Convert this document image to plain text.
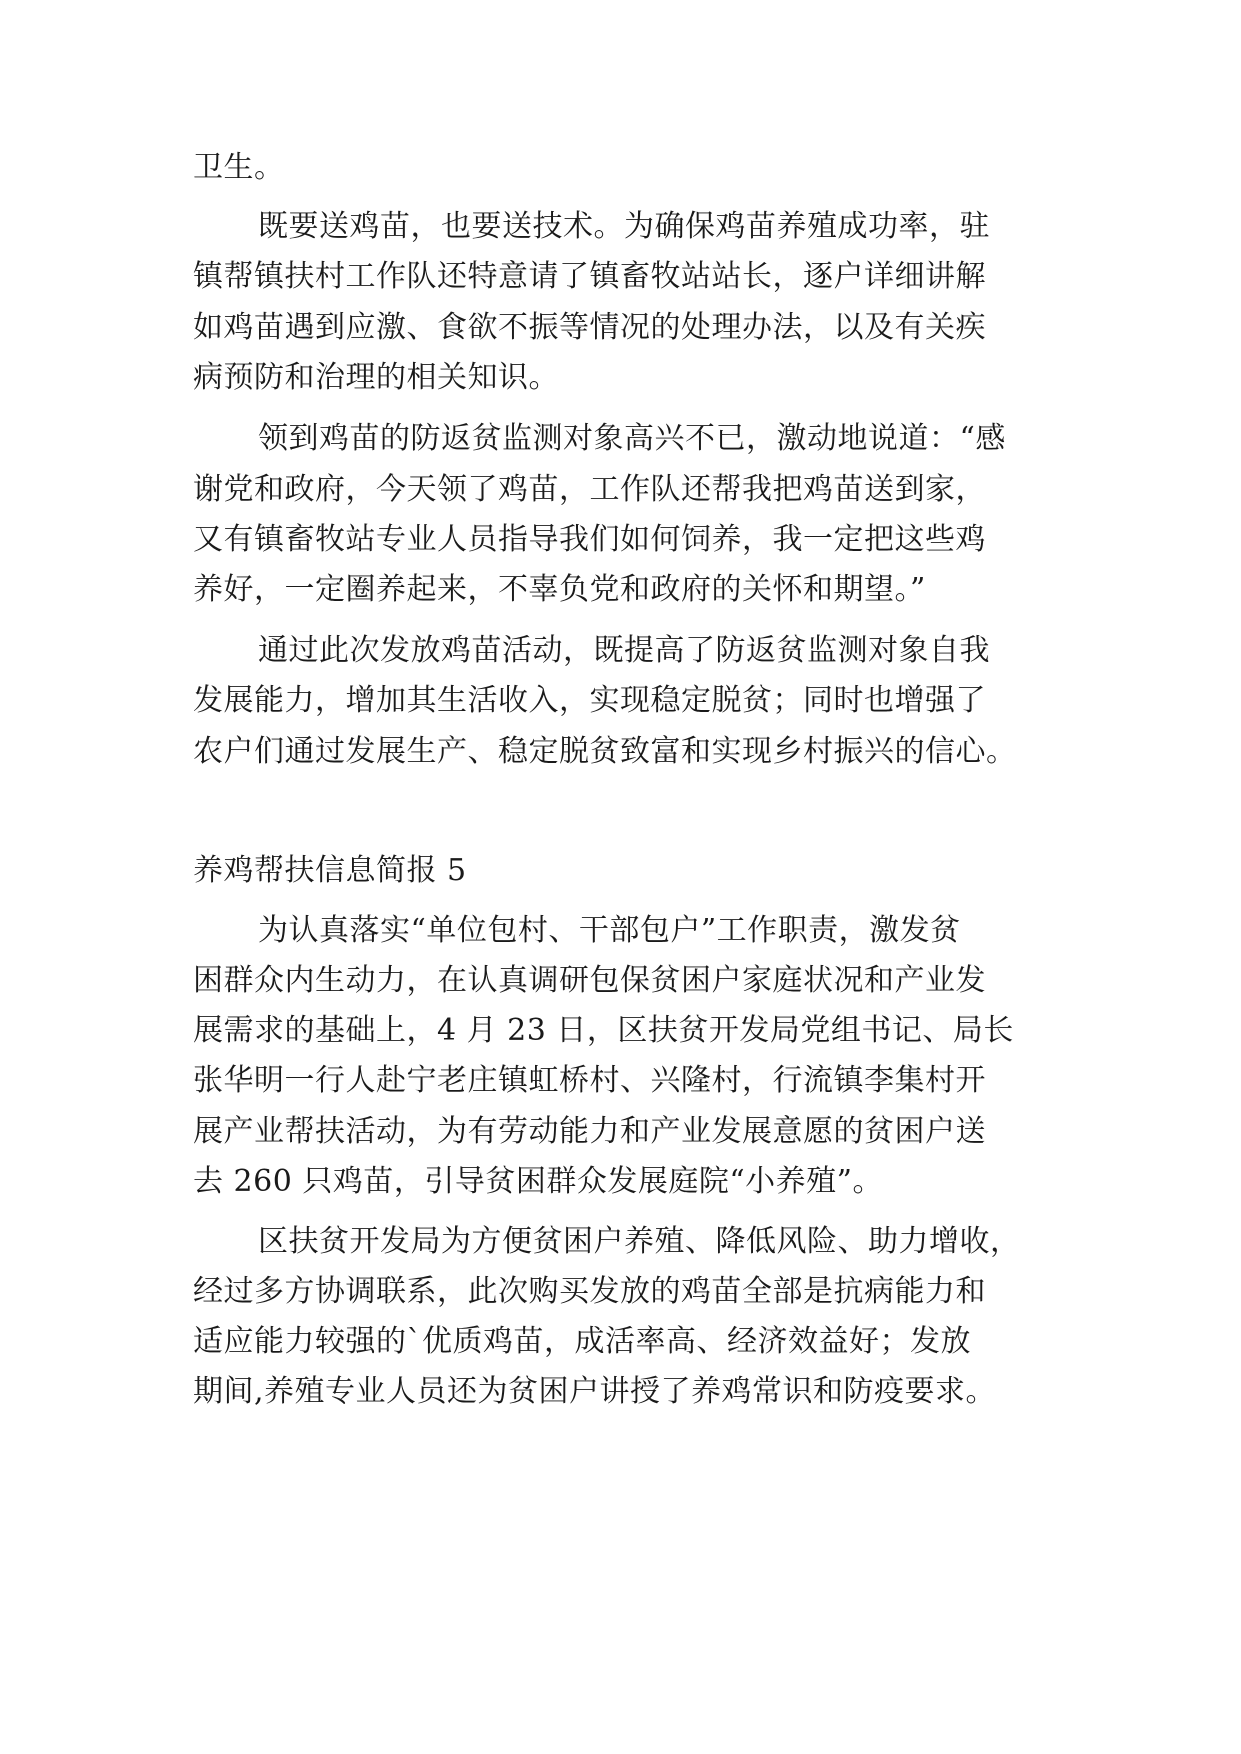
卫生。
既要送鸡苗，也要送技术。为确保鸡苗养殖成功率，驻
镇帮镇扶村工作队还特意请了镇畜牧站站长，逐户详细讲解
如鸡苗遇到应激、食欲不振等情况的处理办法，以及有关疾
病预防和治理的相关知识。
领到鸡苗的防返贫监测对象高兴不已，激动地说道：“感
谢党和政府，今天领了鸡苗，工作队还帮我把鸡苗送到家，
又有镇畜牧站专业人员指导我们如何饲养，我一定把这些鸡
养好，一定圈养起来，不辜负党和政府的关怀和期望。”
通过此次发放鸡苗活动，既提高了防返贫监测对象自我
发展能力，增加其生活收入，实现稳定脱贫；同时也增强了
农户们通过发展生产、稳定脱贫致富和实现乡村振兴的信心。
养鸡帮扶信息简报 5
为认真落实“单位包村、干部包户”工作职责，激发贫
困群众内生动力，在认真调研包保贫困户家庭状况和产业发
展需求的基础上，4 月 23 日，区扶贫开发局党组书记、局长
张华明一行人赴宁老庄镇虹桥村、兴隆村，行流镇李集村开
展产业帮扶活动，为有劳动能力和产业发展意愿的贫困户送
去 260 只鸡苗，引导贫困群众发展庭院“小养殖”。
区扶贫开发局为方便贫困户养殖、降低风险、助力增收，
经过多方协调联系，此次购买发放的鸡苗全部是抗病能力和
适应能力较强的`优质鸡苗，成活率高、经济效益好；发放
期间,养殖专业人员还为贫困户讲授了养鸡常识和防疫要求。
